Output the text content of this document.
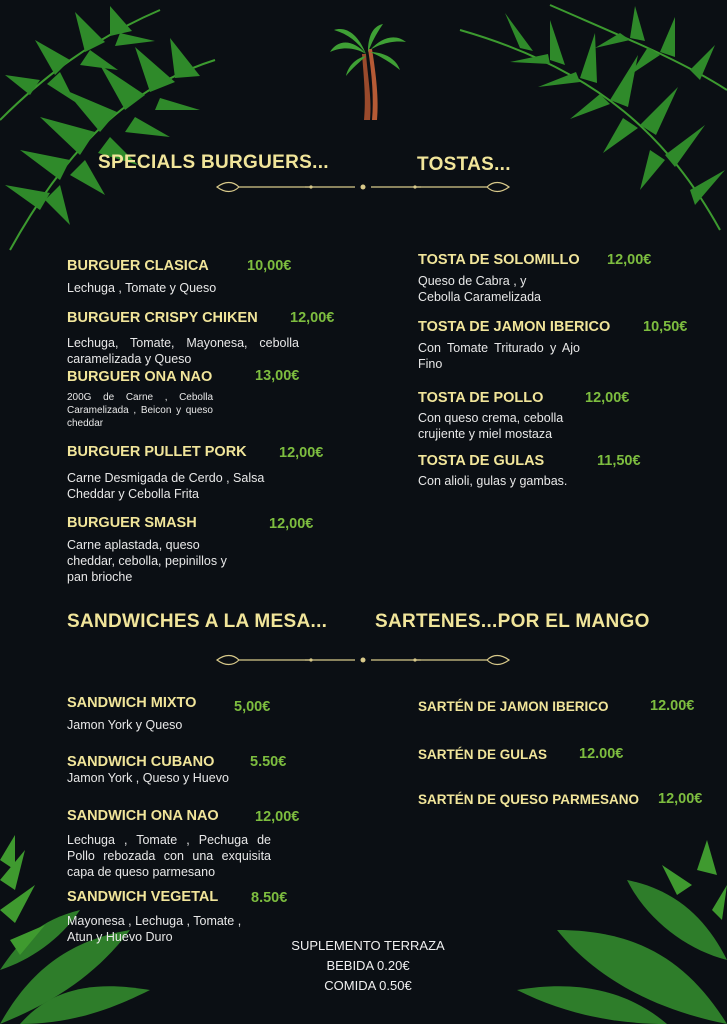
SPECIALS BURGUERS...	TOSTAS...
SANDWICHES A LA MESA...	SARTENES...POR EL MANGO
BURGUER CLASICA	10,00€
Lechuga , Tomate y Queso
BURGUER CRISPY CHIKEN 12,00€
Lechuga, Tomate, Mayonesa, cebolla caramelizada y Queso
BURGUER ONA NAO	13,00€
200G de Carne , Cebolla Caramelizada , Beicon y queso cheddar
BURGUER PULLET PORK 12,00€
Carne Desmigada de Cerdo , Salsa Cheddar y Cebolla Frita
BURGUER SMASH	12,00€
Carne aplastada, queso cheddar, cebolla, pepinillos y pan brioche
TOSTA DE SOLOMILLO 12,00€
Queso de Cabra , y Cebolla Caramelizada
TOSTA DE JAMON IBERICO 10,50€
Con Tomate Triturado y Ajo Fino
TOSTA DE POLLO	12,00€
Con queso crema, cebolla crujiente y miel mostaza
TOSTA DE GULAS	11,50€
Con alioli, gulas y gambas.
SANDWICH MIXTO	5,00€
Jamon York y Queso
SANDWICH CUBANO 5.50€
Jamon York , Queso y Huevo
SANDWICH ONA NAO	12,00€
Lechuga , Tomate , Pechuga de Pollo rebozada con una exquisita capa de queso parmesano
SANDWICH VEGETAL 8.50€
Mayonesa , Lechuga , Tomate , Atun y Huevo Duro
SARTÉN DE JAMON IBERICO	12.00€
SARTÉN DE GULAS 12.00€
SARTÉN DE QUESO PARMESANO 12,00€
SUPLEMENTO TERRAZA
BEBIDA 0.20€
COMIDA 0.50€
